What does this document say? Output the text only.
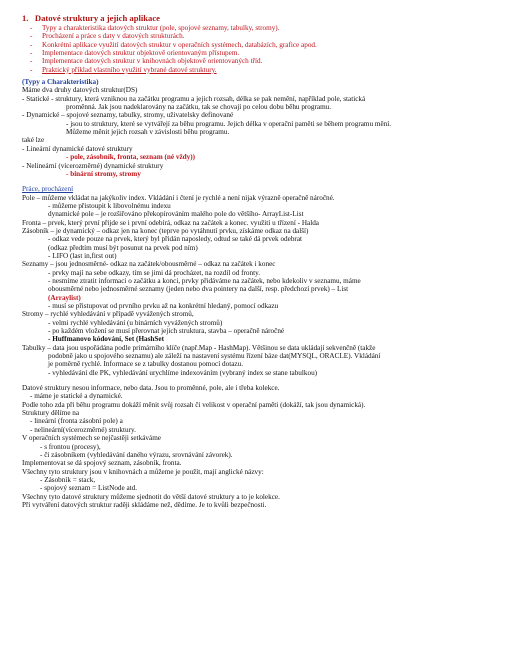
1.   Datové struktury a jejich aplikace
- Typy a charakteristika datových struktur (pole, spojové seznamy, tabulky, stromy).
- Procházení a práce s daty v datových strukturách.
- Konkrétní aplikace využití datových struktur v operačních systémech, databázích, grafice apod.
- Implementace datových struktur objektově orientovaným přístupem.
- Implementace datových struktur v knihovnách objektově orientovaných tříd.
- Praktický příklad vlastního využití vybrané datové struktury.
(Typy a Charakteristika)
Máme dva druhy datových struktur(DS)
- Statické - struktury, která vzniknou na začátku programu a jejich rozsah, délka se pak nemění, například pole, statická
proměnná. Jak jsou nadeklarovány na začátku, tak se chovají po celou dobu běhu programu.
- Dynamické – spojové seznamy, tabulky, stromy, uživatelsky definované
- jsou to struktury, které se vytvářejí za běhu programu. Jejich délka v operační paměti se během programu mění.
Můžeme měnit jejich rozsah v závislosti běhu programu.
také lze
- Lineární dynamické datové struktury
- pole, zásobník, fronta, seznam (né vždy))
- Nelineární (vícerozměrné) dynamické struktury
- binární stromy, stromy
Práce, procházení
Pole – můžeme vkládat na jakýkoliv index. Vkládání i čtení je rychlé a není nijak výrazně operačně náročné.
- můžeme přistoupit k libovolnému indexu
dynamické pole – je rozšiřováno překopírováním malého pole do většího- ArrayList-List
Fronta – prvek, který první přijde se i první odebírá, odkaz na začátek a konec. využití u třízení - Halda
Zásobník – je dynamický – odkaz jen na konec (teprve po vytáhnutí prvku, získáme odkaz na další)
- odkaz vede pouze na prvek, který byl přidán naposledy, odtud se také dá prvek odebrat
(odkaz předtím musí být posunut na prvek pod ním)
- LIFO (last in,first out)
Seznamy – jsou jednosměrné- odkaz na začátek/obousměrné – odkaz na začátek i konec
- prvky mají na sebe odkazy, tím se jimi dá procházet, na rozdíl od fronty.
- nesmíme ztratit informaci o začátku a konci, prvky přidáváme na začátek, nebo kdekoliv v seznamu, máme
obousměrné nebo jednosměrné seznamy (jeden nebo dva pointery na další, resp. předchozí prvek) – List
(Arraylist)
- musí se přistupovat od prvního prvku až na konkrétní hledaný, pomocí odkazu
Stromy – rychlé vyhledávání v případě vyvážených stromů,
- velmi rychlé vyhledávání (u binárních vyvážených stromů)
- po každém vložení se musí přerovnat jejich struktura, stavba – operačně náročné
- Huffmanovo kódování, Set (HashSet
Tabulky – data jsou uspořádána podle primárního klíče (např.Map - HashMap). Většinou se data ukládají sekvenčně (takže
podobně jako u spojového seznamu) ale záleží na nastavení systému řízení báze dat(MYSQL, ORACLE). Vkládání
je poměrně rychlé. Informace se z tabulky dostanou pomocí dotazu.
- vyhledávání dle PK, vyhledávání urychlíme indexováním (vybraný index se stane tabulkou)
Datové struktury nesou informace, nebo data. Jsou to proměnné, pole, ale i třeba kolekce.
- máme je statické a dynamické.
Podle toho zda při běhu programu dokáží měnit svůj rozsah či velikost v operační paměti (dokáží, tak jsou dynamická).
Struktury dělíme na
- lineární (fronta zásobní pole) a
- nelineární(vícerozměrné) struktury.
V operačních systémech se nejčastěji setkáváme
- s frontou (procesy),
- či zásobníkem (vyhledávání daného výrazu, srovnávání závorek).
Implementovat se dá spojový seznam, zásobník, fronta.
Všechny tyto struktury jsou v knihovnách a můžeme je použít, mají anglické názvy:
- Zásobník = stack,
- spojový seznam = ListNode atd.
Všechny tyto datové struktury můžeme sjednotit do větší datové struktury a to je kolekce.
Při vytváření datových struktur raději skládáme než, dědíme. Je to kvůli bezpečnosti.
